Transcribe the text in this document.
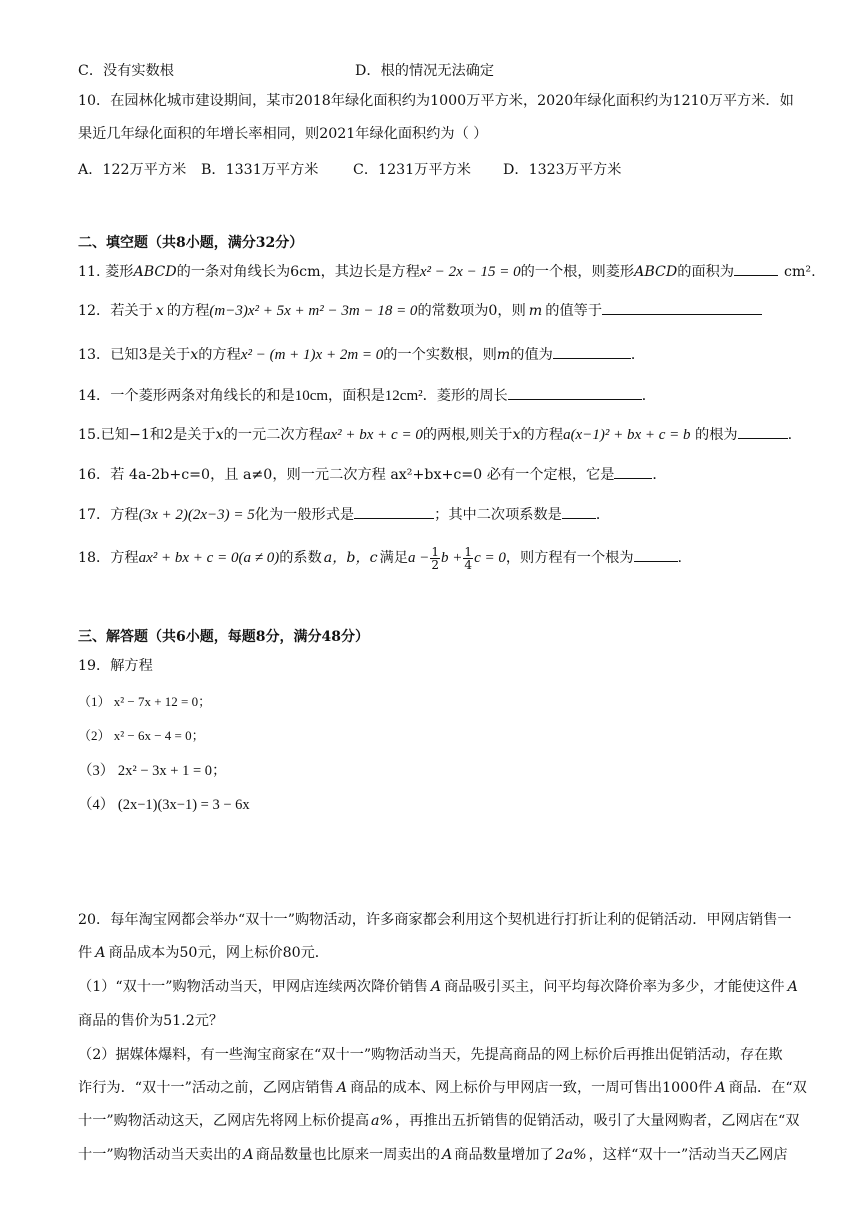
C．没有实数根	D．根的情况无法确定
10．在园林化城市建设期间，某市2018年绿化面积约为1000万平方米，2020年绿化面积约为1210万平方米．如
果近几年绿化面积的年增长率相同，则2021年绿化面积约为（ ）
A．122万平方米 B．1331万平方米 C．1231万平方米 D．1323万平方米
二、填空题（共8小题，满分32分）
11. 菱形ABCD的一条对角线长为6cm，其边长是方程x² − 2x − 15 = 0的一个根，则菱形ABCD的面积为	cm².
12．若关于 x 的方程(m−3)x² + 5x + m² − 3m − 18 = 0的常数项为0，则 m 的值等于
13．已知3是关于x的方程x² − (m + 1)x + 2m = 0的一个实数根，则m的值为	．
14．一个菱形两条对角线长的和是10cm，面积是12cm²．菱形的周长	．
15.已知−1和2是关于x的一元二次方程ax² + bx + c = 0的两根,则关于x的方程a(x−1)² + bx + c = b 的根为	.
16．若 4a-2b+c=0，且 a≠0，则一元二次方程 ax²+bx+c=0 必有一个定根，它是	．
17．方程(3x + 2)(2x−3) = 5化为一般形式是	；其中二次项系数是 ．
18．方程ax² + bx + c = 0(a ≠ 0)的系数 a，b，c 满足$a - \frac{1}{2}$ $b + \frac{1}{4}$ c = 0，则方程有一个根为	.
三、解答题（共6小题，每题8分，满分48分）
19．解方程
（1） x² − 7x + 12 = 0；
（2） x² − 6x − 4 = 0；
（3） 2x² − 3x + 1 = 0；
（4） (2x−1)(3x−1) = 3 − 6x
20．每年淘宝网都会举办“双十一”购物活动，许多商家都会利用这个契机进行打折让利的促销活动．甲网店销售一
件 A 商品成本为50元，网上标价80元．
（1）“双十一”购物活动当天，甲网店连续两次降价销售 A 商品吸引买主，问平均每次降价率为多少，才能使这件 A
商品的售价为51.2元？
（2）据媒体爆料，有一些淘宝商家在“双十一”购物活动当天，先提高商品的网上标价后再推出促销活动，存在欺
诈行为．“双十一”活动之前，乙网店销售 A 商品的成本、网上标价与甲网店一致，一周可售出1000件 A 商品．在“双
十一”购物活动这天，乙网店先将网上标价提高 a% ，再推出五折销售的促销活动，吸引了大量网购者，乙网店在“双
十一”购物活动当天卖出的 A 商品数量也比原来一周卖出的 A 商品数量增加了 2a% ，这样“双十一”活动当天乙网店
